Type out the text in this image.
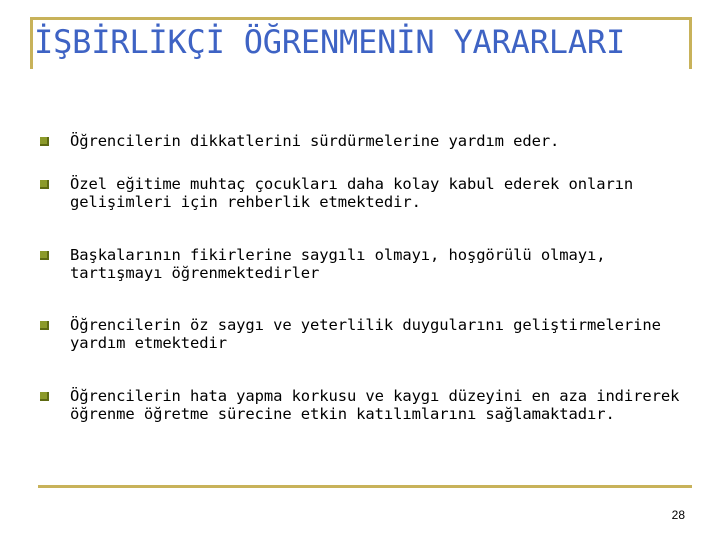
İŞBİRLİKÇİ ÖĞRENMENİN YARARLARI
Öğrencilerin dikkatlerini sürdürmelerine yardım eder.
Özel eğitime muhtaç çocukları daha kolay kabul ederek onların gelişimleri için rehberlik etmektedir.
Başkalarının fikirlerine saygılı olmayı, hoşgörülü olmayı, tartışmayı öğrenmektedirler
Öğrencilerin öz saygı ve yeterlilik duygularını geliştirmelerine yardım etmektedir
Öğrencilerin hata yapma korkusu ve kaygı düzeyini en aza indirerek öğrenme öğretme sürecine etkin katılımlarını sağlamaktadır.
28
